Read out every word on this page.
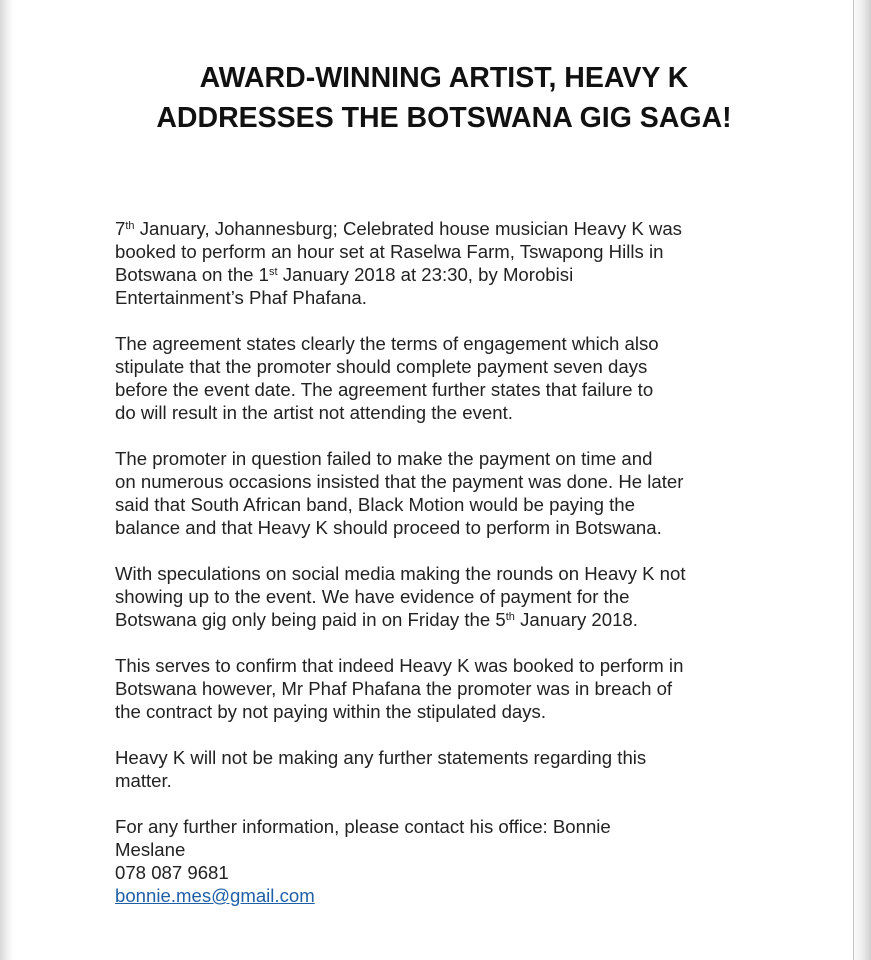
AWARD-WINNING ARTIST, HEAVY K
ADDRESSES THE BOTSWANA GIG SAGA!

7th January, Johannesburg; Celebrated house musician Heavy K was
booked to perform an hour set at Raselwa Farm, Tswapong Hills in
Botswana on the 1st January 2018 at 23:30, by Morobisi
Entertainment’s Phaf Phafana.

The agreement states clearly the terms of engagement which also
stipulate that the promoter should complete payment seven days
before the event date. The agreement further states that failure to
do will result in the artist not attending the event.

The promoter in question failed to make the payment on time and
on numerous occasions insisted that the payment was done. He later
said that South African band, Black Motion would be paying the
balance and that Heavy K should proceed to perform in Botswana.

With speculations on social media making the rounds on Heavy K not
showing up to the event. We have evidence of payment for the
Botswana gig only being paid in on Friday the 5th January 2018.

This serves to confirm that indeed Heavy K was booked to perform in
Botswana however, Mr Phaf Phafana the promoter was in breach of
the contract by not paying within the stipulated days.

Heavy K will not be making any further statements regarding this
matter.

For any further information, please contact his office: Bonnie
Meslane
078 087 9681
bonnie.mes@gmail.com
